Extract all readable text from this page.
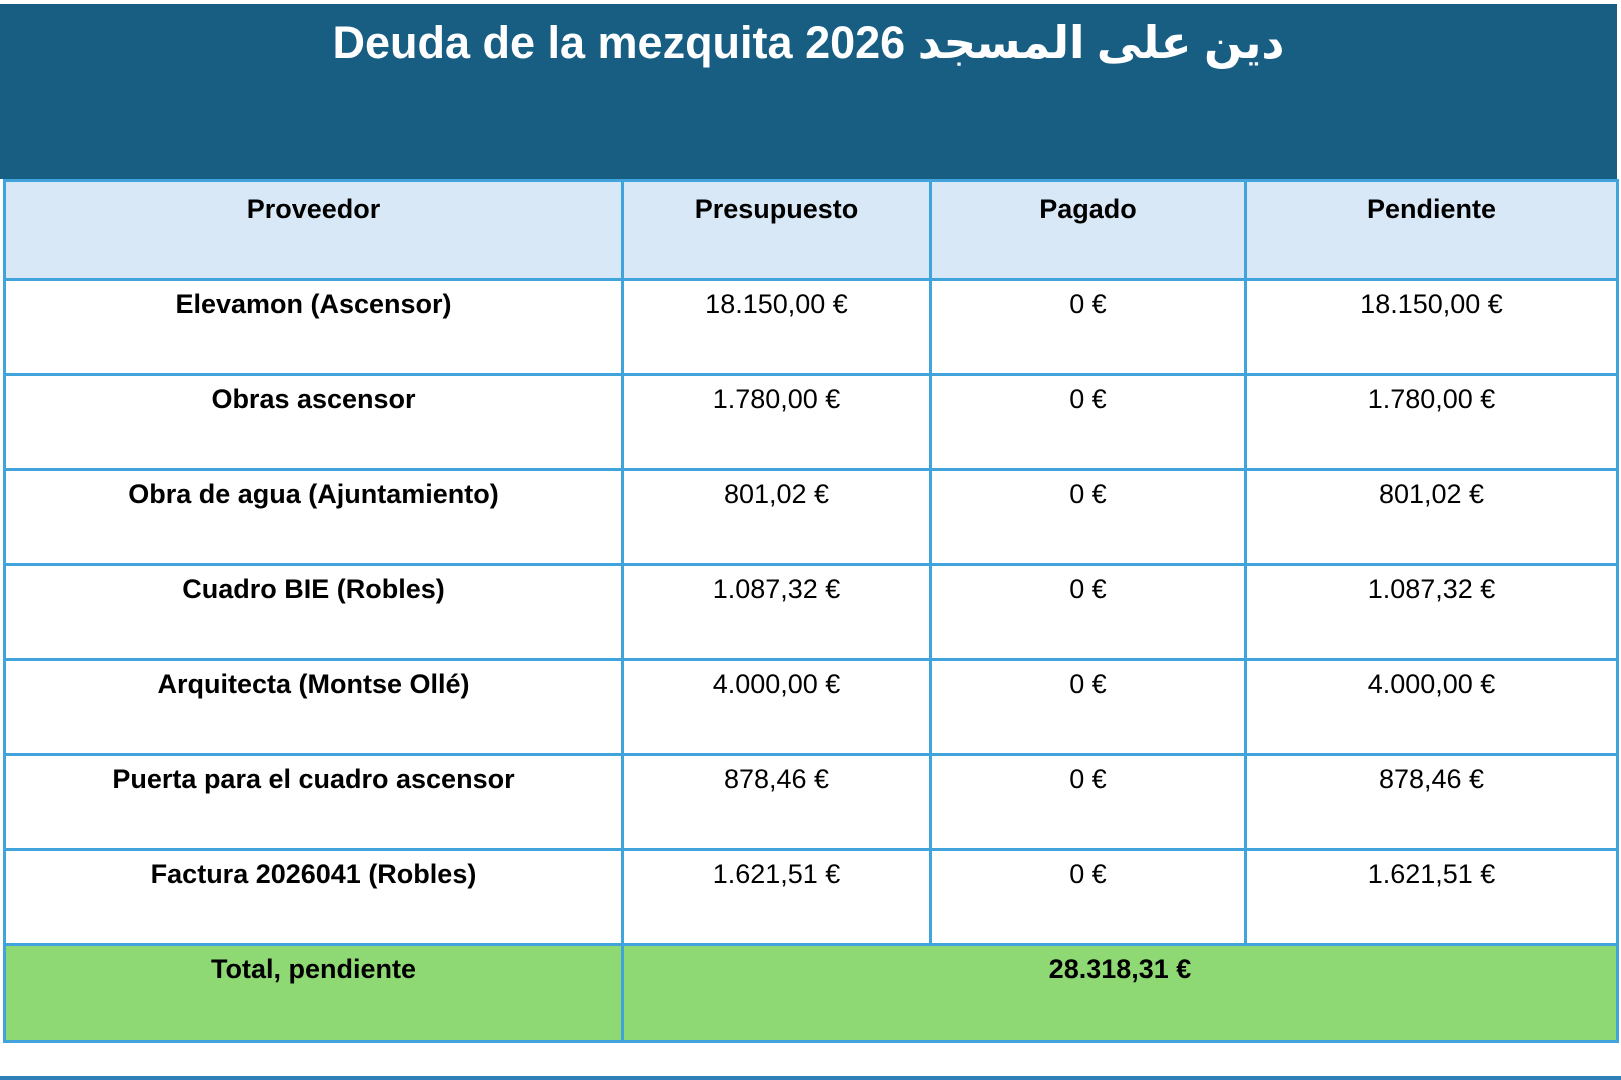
Deuda de la mezquita 2026 دين على المسجد
Proveedor	Presupuesto	Pagado	Pendiente
Elevamon (Ascensor)	18.150,00 €	0 €	18.150,00 €
Obras ascensor	1.780,00 €	0 €	1.780,00 €
Obra de agua (Ajuntamiento)	801,02 €	0 €	801,02 €
Cuadro BIE (Robles)	1.087,32 €	0 €	1.087,32 €
Arquitecta (Montse Ollé)	4.000,00 €	0 €	4.000,00 €
Puerta para el cuadro ascensor	878,46 €	0 €	878,46 €
Factura 2026041 (Robles)	1.621,51 €	0 €	1.621,51 €
Total, pendiente	28.318,31 €		
